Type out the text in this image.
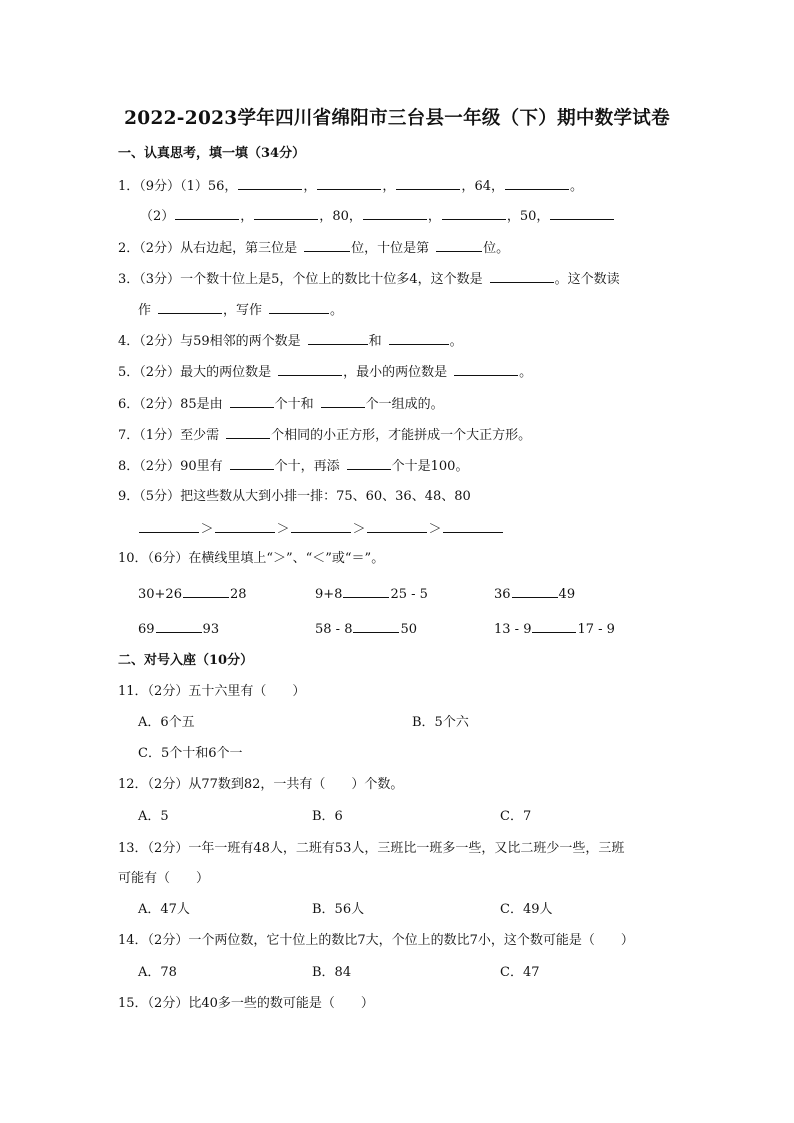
2022-2023学年四川省绵阳市三台县一年级（下）期中数学试卷
一、认真思考，填一填（34分）
1．（9分）（1）56，	，	，	，64，	。
（2）	，	，80，	，	，50，
2．（2分）从右边起，第三位是	位，十位是第	位。
3．（3分）一个数十位上是5，个位上的数比十位多4，这个数是	。这个数读
作	，写作	。
4．（2分）与59相邻的两个数是	和	。
5．（2分）最大的两位数是	，最小的两位数是	。
6．（2分）85是由	个十和	个一组成的。
7．（1分）至少需	个相同的小正方形，才能拼成一个大正方形。
8．（2分）90里有	个十，再添	个十是100。
9．（5分）把这些数从大到小排一排：75、60、36、48、80
＞	＞	＞	＞
10．（6分）在横线里填上“＞”、“＜”或“＝”。
30+26	28	9+8	25 - 5	36	49
69	93	58 - 8	50	13 - 9	17 - 9
二、对号入座（10分）
11．（2分）五十六里有（　　）
A．6个五	B．5个六
C．5个十和6个一
12．（2分）从77数到82，一共有（　　）个数。
A．5	B．6	C．7
13．（2分）一年一班有48人，二班有53人，三班比一班多一些，又比二班少一些，三班
可能有（　　）
A．47人	B．56人	C．49人
14．（2分）一个两位数，它十位上的数比7大，个位上的数比7小，这个数可能是（　　）
A．78	B．84	C．47
15．（2分）比40多一些的数可能是（　　）
